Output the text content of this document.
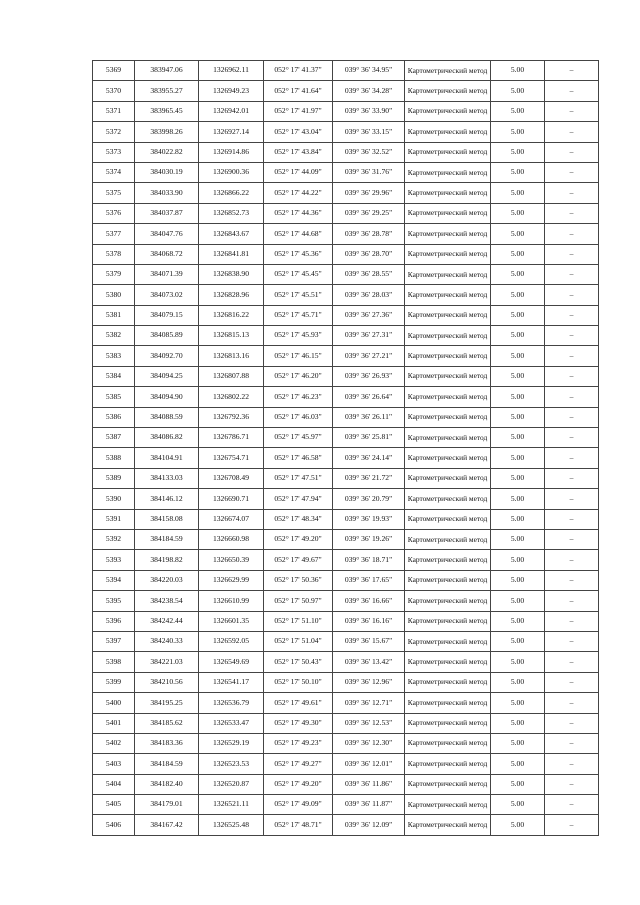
5369	383947.06	1326962.11	052° 17' 41.37"	039° 36' 34.95"	Картометрический метод	5.00	–
5370	383955.27	1326949.23	052° 17' 41.64"	039° 36' 34.28"	Картометрический метод	5.00	–
5371	383965.45	1326942.01	052° 17' 41.97"	039° 36' 33.90"	Картометрический метод	5.00	–
5372	383998.26	1326927.14	052° 17' 43.04"	039° 36' 33.15"	Картометрический метод	5.00	–
5373	384022.82	1326914.86	052° 17' 43.84"	039° 36' 32.52"	Картометрический метод	5.00	–
5374	384030.19	1326900.36	052° 17' 44.09"	039° 36' 31.76"	Картометрический метод	5.00	–
5375	384033.90	1326866.22	052° 17' 44.22"	039° 36' 29.96"	Картометрический метод	5.00	–
5376	384037.87	1326852.73	052° 17' 44.36"	039° 36' 29.25"	Картометрический метод	5.00	–
5377	384047.76	1326843.67	052° 17' 44.68"	039° 36' 28.78"	Картометрический метод	5.00	–
5378	384068.72	1326841.81	052° 17' 45.36"	039° 36' 28.70"	Картометрический метод	5.00	–
5379	384071.39	1326838.90	052° 17' 45.45"	039° 36' 28.55"	Картометрический метод	5.00	–
5380	384073.02	1326828.96	052° 17' 45.51"	039° 36' 28.03"	Картометрический метод	5.00	–
5381	384079.15	1326816.22	052° 17' 45.71"	039° 36' 27.36"	Картометрический метод	5.00	–
5382	384085.89	1326815.13	052° 17' 45.93"	039° 36' 27.31"	Картометрический метод	5.00	–
5383	384092.70	1326813.16	052° 17' 46.15"	039° 36' 27.21"	Картометрический метод	5.00	–
5384	384094.25	1326807.88	052° 17' 46.20"	039° 36' 26.93"	Картометрический метод	5.00	–
5385	384094.90	1326802.22	052° 17' 46.23"	039° 36' 26.64"	Картометрический метод	5.00	–
5386	384088.59	1326792.36	052° 17' 46.03"	039° 36' 26.11"	Картометрический метод	5.00	–
5387	384086.82	1326786.71	052° 17' 45.97"	039° 36' 25.81"	Картометрический метод	5.00	–
5388	384104.91	1326754.71	052° 17' 46.58"	039° 36' 24.14"	Картометрический метод	5.00	–
5389	384133.03	1326708.49	052° 17' 47.51"	039° 36' 21.72"	Картометрический метод	5.00	–
5390	384146.12	1326690.71	052° 17' 47.94"	039° 36' 20.79"	Картометрический метод	5.00	–
5391	384158.08	1326674.07	052° 17' 48.34"	039° 36' 19.93"	Картометрический метод	5.00	–
5392	384184.59	1326660.98	052° 17' 49.20"	039° 36' 19.26"	Картометрический метод	5.00	–
5393	384198.82	1326650.39	052° 17' 49.67"	039° 36' 18.71"	Картометрический метод	5.00	–
5394	384220.03	1326629.99	052° 17' 50.36"	039° 36' 17.65"	Картометрический метод	5.00	–
5395	384238.54	1326610.99	052° 17' 50.97"	039° 36' 16.66"	Картометрический метод	5.00	–
5396	384242.44	1326601.35	052° 17' 51.10"	039° 36' 16.16"	Картометрический метод	5.00	–
5397	384240.33	1326592.05	052° 17' 51.04"	039° 36' 15.67"	Картометрический метод	5.00	–
5398	384221.03	1326549.69	052° 17' 50.43"	039° 36' 13.42"	Картометрический метод	5.00	–
5399	384210.56	1326541.17	052° 17' 50.10"	039° 36' 12.96"	Картометрический метод	5.00	–
5400	384195.25	1326536.79	052° 17' 49.61"	039° 36' 12.71"	Картометрический метод	5.00	–
5401	384185.62	1326533.47	052° 17' 49.30"	039° 36' 12.53"	Картометрический метод	5.00	–
5402	384183.36	1326529.19	052° 17' 49.23"	039° 36' 12.30"	Картометрический метод	5.00	–
5403	384184.59	1326523.53	052° 17' 49.27"	039° 36' 12.01"	Картометрический метод	5.00	–
5404	384182.40	1326520.87	052° 17' 49.20"	039° 36' 11.86"	Картометрический метод	5.00	–
5405	384179.01	1326521.11	052° 17' 49.09"	039° 36' 11.87"	Картометрический метод	5.00	–
5406	384167.42	1326525.48	052° 17' 48.71"	039° 36' 12.09"	Картометрический метод	5.00	–
